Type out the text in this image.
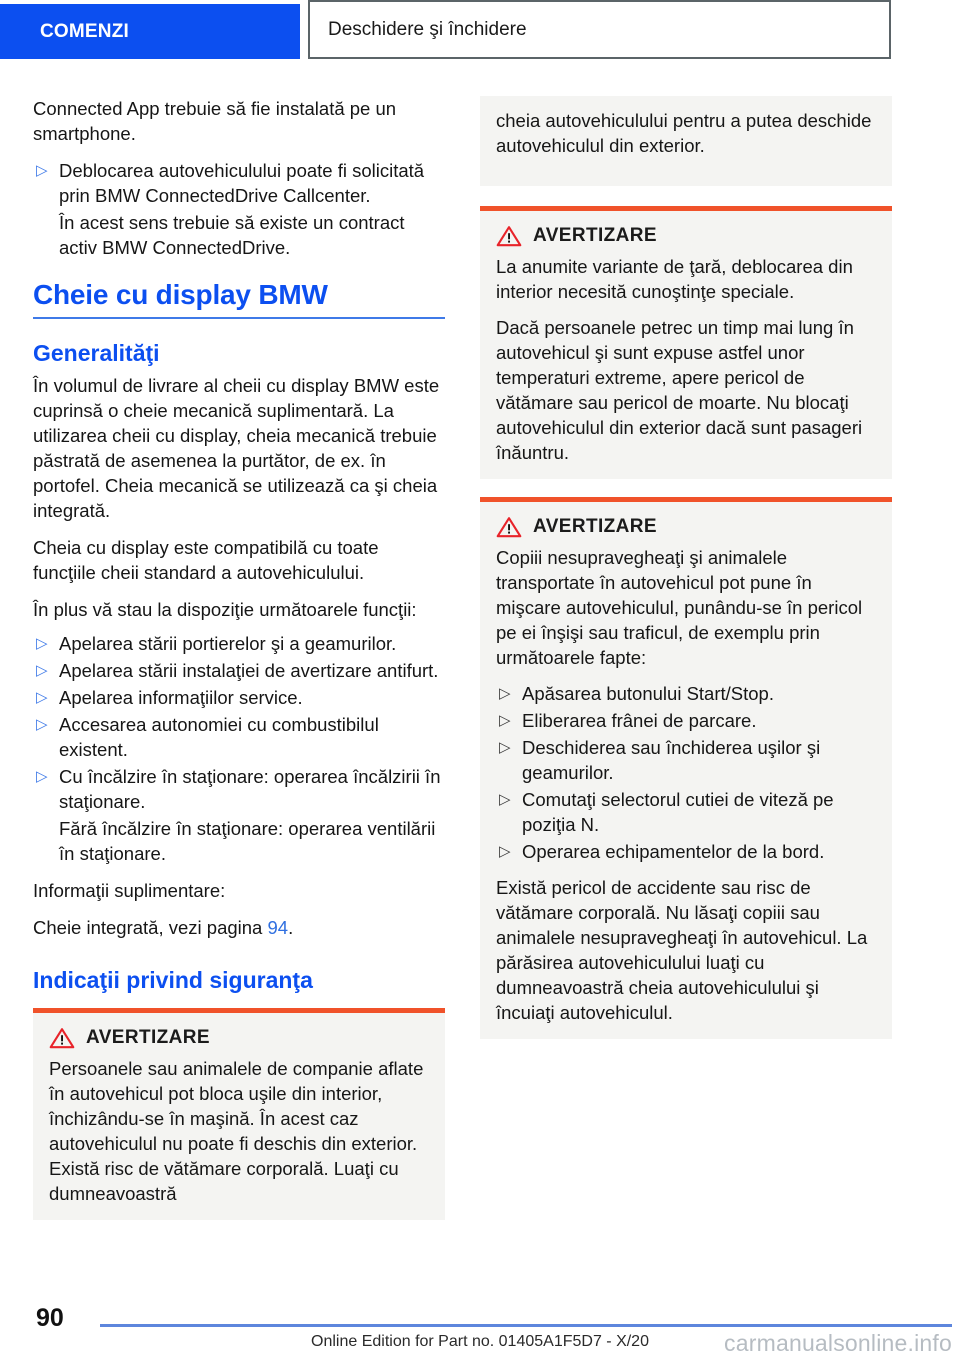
COMENZI	Deschidere şi închidere

Connected App trebuie să fie instalată pe un smartphone.

▷ Deblocarea autovehiculului poate fi solicitată prin BMW ConnectedDrive Callcenter.
În acest sens trebuie să existe un contract activ BMW ConnectedDrive.
Cheie cu display BMW
Generalităţi

În volumul de livrare al cheii cu display BMW este cuprinsă o cheie mecanică suplimentară. La utilizarea cheii cu display, cheia mecanică trebuie păstrată de asemenea la purtător, de ex. în portofel. Cheia mecanică se utilizează ca şi cheia integrată.

Cheia cu display este compatibilă cu toate funcţiile cheii standard a autovehiculului.

În plus vă stau la dispoziţie următoarele funcţii:

▷ Apelarea stării portierelor şi a geamurilor.
▷ Apelarea stării instalaţiei de avertizare antifurt.
▷ Apelarea informaţiilor service.
▷ Accesarea autonomiei cu combustibilul existent.
▷ Cu încălzire în staţionare: operarea încălzirii în staţionare.
Fără încălzire în staţionare: operarea ventilării în staţionare.

Informaţii suplimentare:

Cheie integrată, vezi pagina 94.

Indicaţii privind siguranţa
AVERTIZARE

Persoanele sau animalele de companie aflate în autovehicul pot bloca uşile din interior, închizându-se în maşină. În acest caz autovehiculul nu poate fi deschis din exterior. Există risc de vătămare corporală. Luaţi cu dumneavoastră

cheia autovehiculului pentru a putea deschide autovehiculul din exterior.

AVERTIZARE

La anumite variante de ţară, deblocarea din interior necesită cunoştinţe speciale.

Dacă persoanele petrec un timp mai lung în autovehicul şi sunt expuse astfel unor temperaturi extreme, apere pericol de vătămare sau pericol de moarte. Nu blocaţi autovehiculul din exterior dacă sunt pasageri înăuntru.

AVERTIZARE

Copiii nesupravegheaţi şi animalele transportate în autovehicul pot pune în mişcare autovehiculul, punându-se în pericol pe ei înşişi sau traficul, de exemplu prin următoarele fapte:

▷ Apăsarea butonului Start/Stop.
▷ Eliberarea frânei de parcare.
▷ Deschiderea sau închiderea uşilor şi geamurilor.
▷ Comutaţi selectorul cutiei de viteză pe poziţia N.
▷ Operarea echipamentelor de la bord.

Există pericol de accidente sau risc de vătămare corporală. Nu lăsaţi copiii sau animalele nesupravegheaţi în autovehicul. La părăsirea autovehiculului luaţi cu dumneavoastră cheia autovehiculului şi încuiaţi autovehiculul.

90
Online Edition for Part no. 01405A1F5D7 - X/20	carmanualsonline.info
